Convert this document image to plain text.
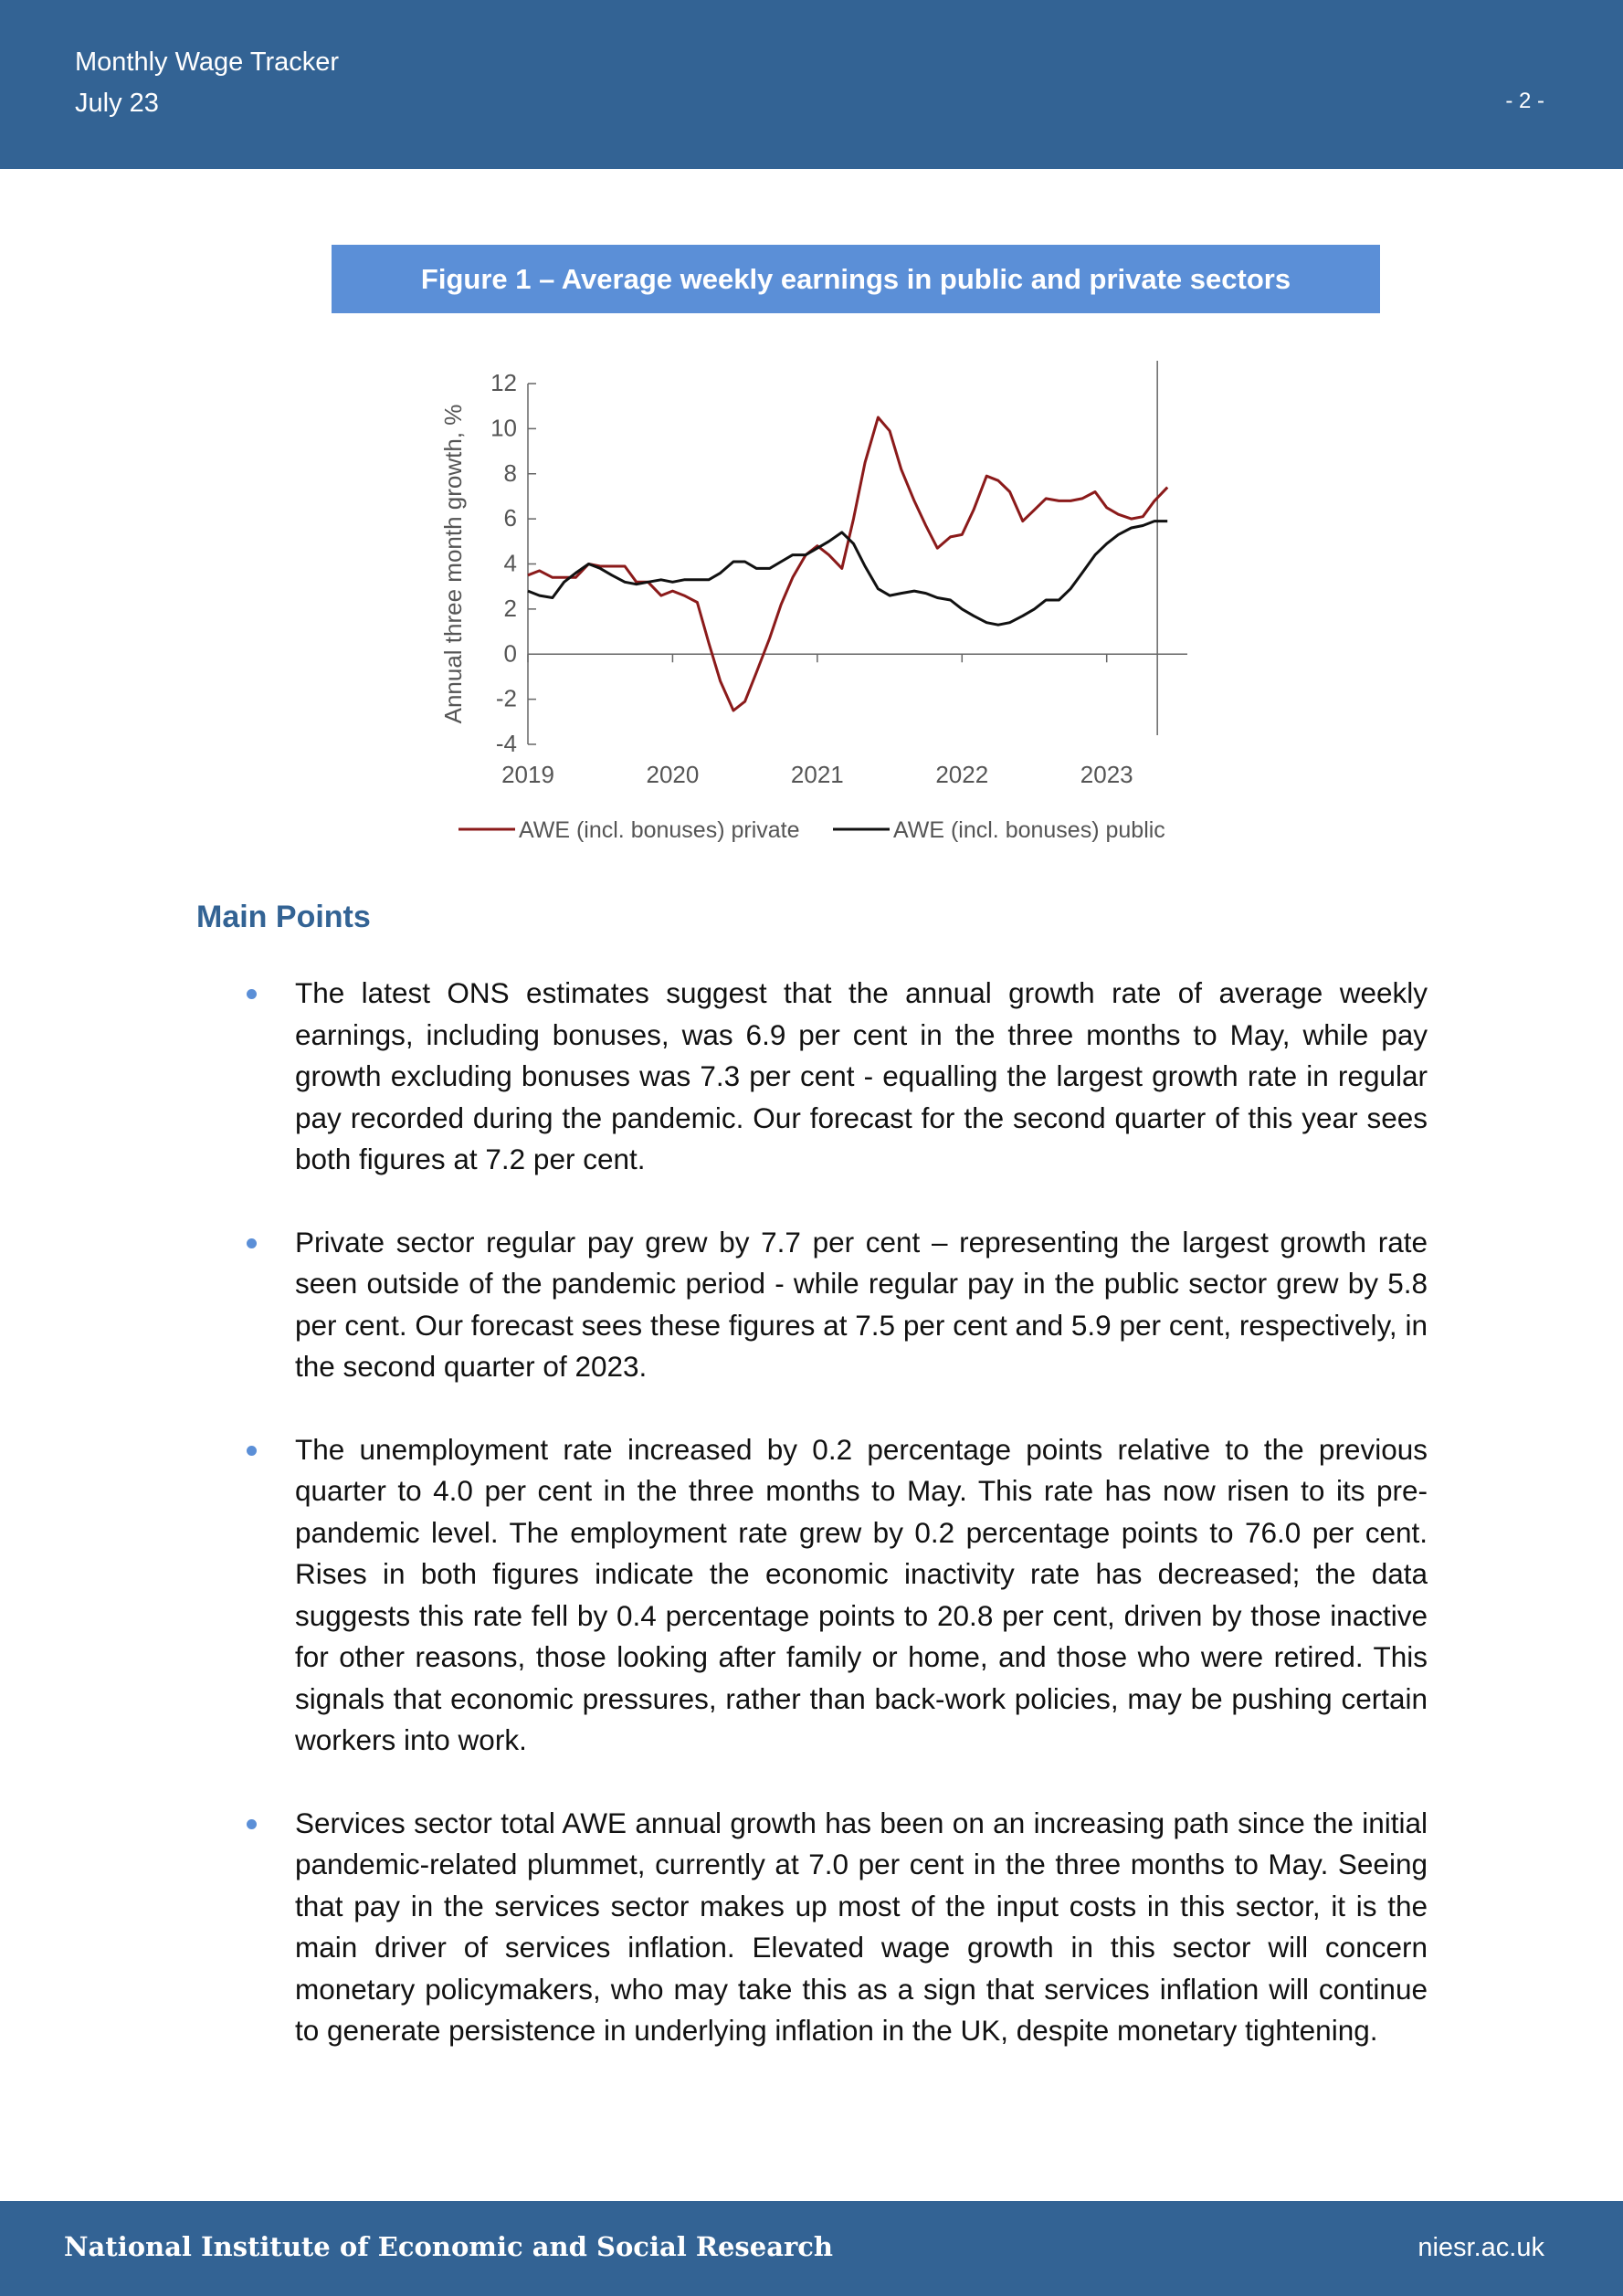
Monthly Wage Tracker
July 23	- 2 -
Figure 1 – Average weekly earnings in public and private sectors
12
10
8
6
4
2
0
-2
-4
2019	2020	2021	2022	2023
Annual three month growth, %
AWE (incl. bonuses) private	AWE (incl. bonuses) public
Main Points
The latest ONS estimates suggest that the annual growth rate of average weekly earnings, including bonuses, was 6.9 per cent in the three months to May, while pay growth excluding bonuses was 7.3 per cent - equalling the largest growth rate in regular pay recorded during the pandemic. Our forecast for the second quarter of this year sees both figures at 7.2 per cent.
Private sector regular pay grew by 7.7 per cent – representing the largest growth rate seen outside of the pandemic period - while regular pay in the public sector grew by 5.8 per cent. Our forecast sees these figures at 7.5 per cent and 5.9 per cent, respectively, in the second quarter of 2023.
The unemployment rate increased by 0.2 percentage points relative to the previous quarter to 4.0 per cent in the three months to May. This rate has now risen to its pre-pandemic level. The employment rate grew by 0.2 percentage points to 76.0 per cent. Rises in both figures indicate the economic inactivity rate has decreased; the data suggests this rate fell by 0.4 percentage points to 20.8 per cent, driven by those inactive for other reasons, those looking after family or home, and those who were retired. This signals that economic pressures, rather than back-work policies, may be pushing certain workers into work.
Services sector total AWE annual growth has been on an increasing path since the initial pandemic-related plummet, currently at 7.0 per cent in the three months to May. Seeing that pay in the services sector makes up most of the input costs in this sector, it is the main driver of services inflation. Elevated wage growth in this sector will concern monetary policymakers, who may take this as a sign that services inflation will continue to generate persistence in underlying inflation in the UK, despite monetary tightening.
National Institute of Economic and Social Research	niesr.ac.uk
